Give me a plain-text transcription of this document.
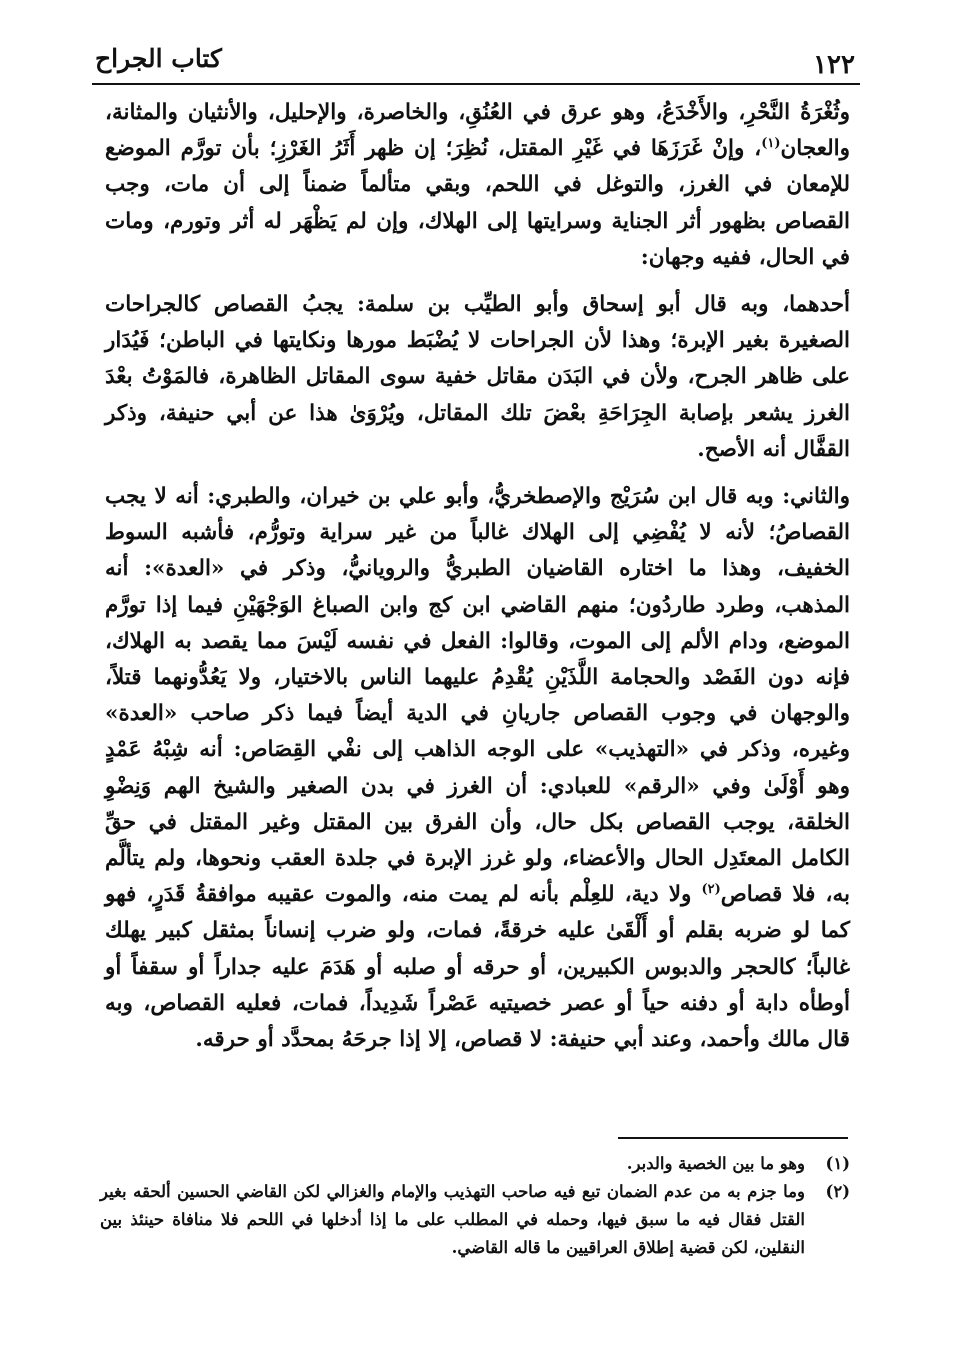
١٢٢
كتاب الجراح

وثُغْرَةُ النَّحْرِ، والأَخْدَعُ، وهو عرق في العُنُقِ، والخاصرة، والإحليل، والأنثيان والمثانة، والعجان$^{(١)}$، وإنْ غَرَزَهَا في غَيْرِ المقتل، نُظِرَ؛ إن ظهر أَثَرُ الغَرْزِ؛ بأن تورَّم الموضع للإمعان في الغرز، والتوغل في اللحم، وبقي متألماً ضمناً إلى أن مات، وجب القصاص بظهور أثر الجناية وسرايتها إلى الهلاك، وإن لم يَظْهَر له أثر وتورم، ومات في الحال، ففيه وجهان:

أحدهما، وبه قال أبو إسحاق وأبو الطيِّب بن سلمة: يجبُ القصاص كالجراحات الصغيرة بغير الإبرة؛ وهذا لأن الجراحات لا يُضْبَط مورها ونكايتها في الباطن؛ فَيُدَار على ظاهر الجرح، ولأن في البَدَن مقاتل خفية سوى المقاتل الظاهرة، فالمَوْتُ بعْدَ الغرز يشعر بإصابة الجِرَاحَةِ بعْضَ تلك المقاتل، ويُرْوَىٰ هذا عن أبي حنيفة، وذكر القفَّال أنه الأصح.

والثاني: وبه قال ابن سُرَيْج والإصطخريُّ، وأبو علي بن خيران، والطبري: أنه لا يجب القصاصُ؛ لأنه لا يُفْضِي إلى الهلاك غالباً من غير سراية وتورُّم، فأشبه السوط الخفيف، وهذا ما اختاره القاضيان الطبريُّ والرويانيُّ، وذكر في «العدة»: أنه المذهب، وطرد طاردُون؛ منهم القاضي ابن كج وابن الصباغ الوَجْهَيْنِ فيما إذا تورَّم الموضع، ودام الألم إلى الموت، وقالوا: الفعل في نفسه لَيْسَ مما يقصد به الهلاك، فإنه دون الفَصْد والحجامة اللَّذَيْنِ يُقْدِمُ عليهما الناس بالاختيار، ولا يَعُدُّونهما قتلاً، والوجهان في وجوب القصاص جاريانِ في الدية أيضاً فيما ذكر صاحب «العدة» وغيره، وذكر في «التهذيب» على الوجه الذاهب إلى نفْي القِصَاص: أنه شِبْهُ عَمْدٍ وهو أَوْلَىٰ وفي «الرقم» للعبادي: أن الغرز في بدن الصغير والشيخ الهم وَنِضْوِ الخلقة، يوجب القصاص بكل حال، وأن الفرق بين المقتل وغير المقتل في حقِّ الكامل المعتَدِل الحال والأعضاء، ولو غرز الإبرة في جلدة العقب ونحوها، ولم يتألَّم به، فلا قصاص$^{(٢)}$ ولا دية، للعِلْم بأنه لم يمت منه، والموت عقيبه موافقةُ قَدَرٍ، فهو كما لو ضربه بقلم أو أَلْقَىٰ عليه خرقةً، فمات، ولو ضرب إنساناً بمثقل كبير يهلك غالباً؛ كالحجر والدبوس الكبيرين، أو حرقه أو صلبه أو هَدَمَ عليه جداراً أو سقفاً أو أوطأه دابة أو دفنه حياً أو عصر خصيتيه عَصْراً شَدِيداً، فمات، فعليه القصاص، وبه قال مالك وأحمد، وعند أبي حنيفة: لا قصاص، إلا إذا جرحَهُ بمحدَّد أو حرقه.

(١)
وهو ما بين الخصية والدبر.
(٢)
وما جزم به من عدم الضمان تبع فيه صاحب التهذيب والإمام والغزالي لكن القاضي الحسين ألحقه بغير القتل فقال فيه ما سبق فيها، وحمله في المطلب على ما إذا أدخلها في اللحم فلا منافاة حينئذ بين النقلين، لكن قضية إطلاق العراقيين ما قاله القاضي.
